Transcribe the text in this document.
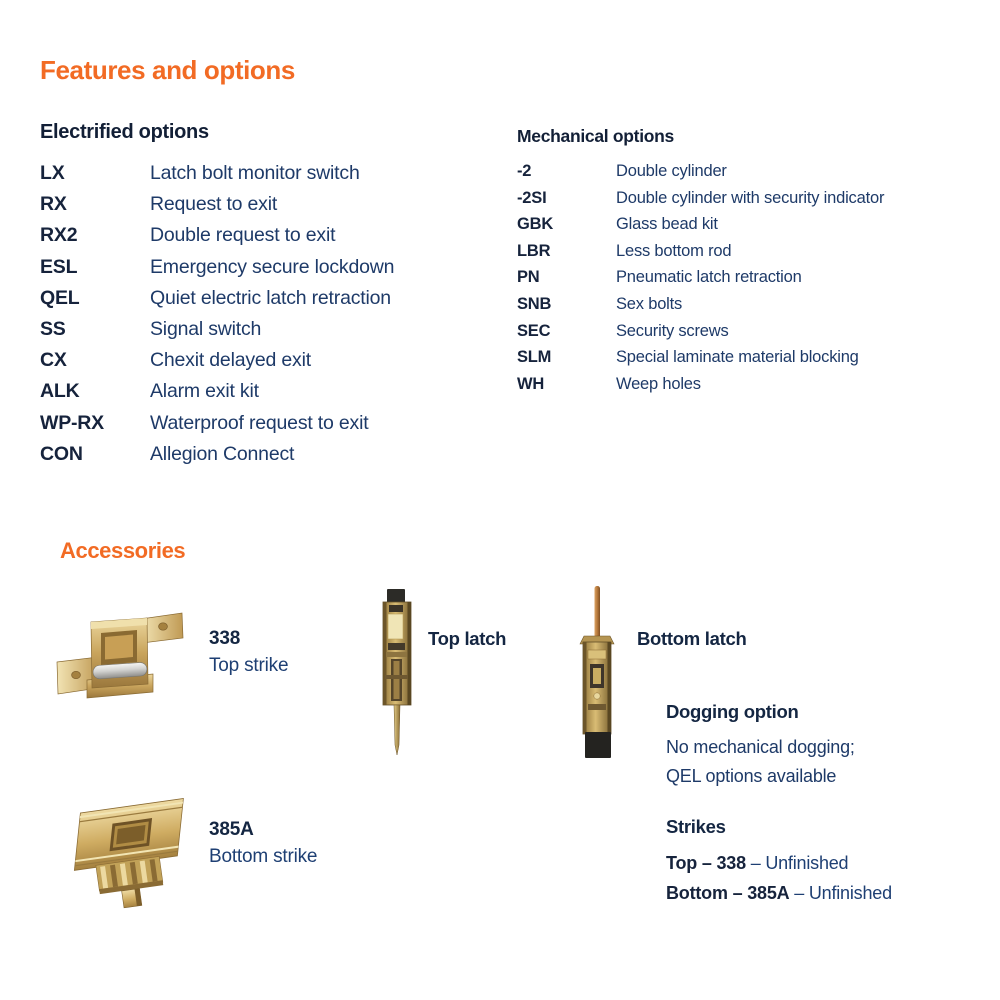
Features and options
Electrified options
LX	Latch bolt monitor switch
RX	Request to exit
RX2	Double request to exit
ESL	Emergency secure lockdown
QEL	Quiet electric latch retraction
SS	Signal switch
CX	Chexit delayed exit
ALK	Alarm exit kit
WP-RX	Waterproof request to exit
CON	Allegion Connect
Mechanical options
-2	Double cylinder
-2SI	Double cylinder with security indicator
GBK	Glass bead kit
LBR	Less bottom rod
PN	Pneumatic latch retraction
SNB	Sex bolts
SEC	Security screws
SLM	Special laminate material blocking
WH	Weep holes
Accessories
338
Top strike
Top latch	Bottom latch
Dogging option
No mechanical dogging;
QEL options available
385A
Bottom strike
Strikes
Top – 338 – Unfinished
Bottom – 385A – Unfinished
